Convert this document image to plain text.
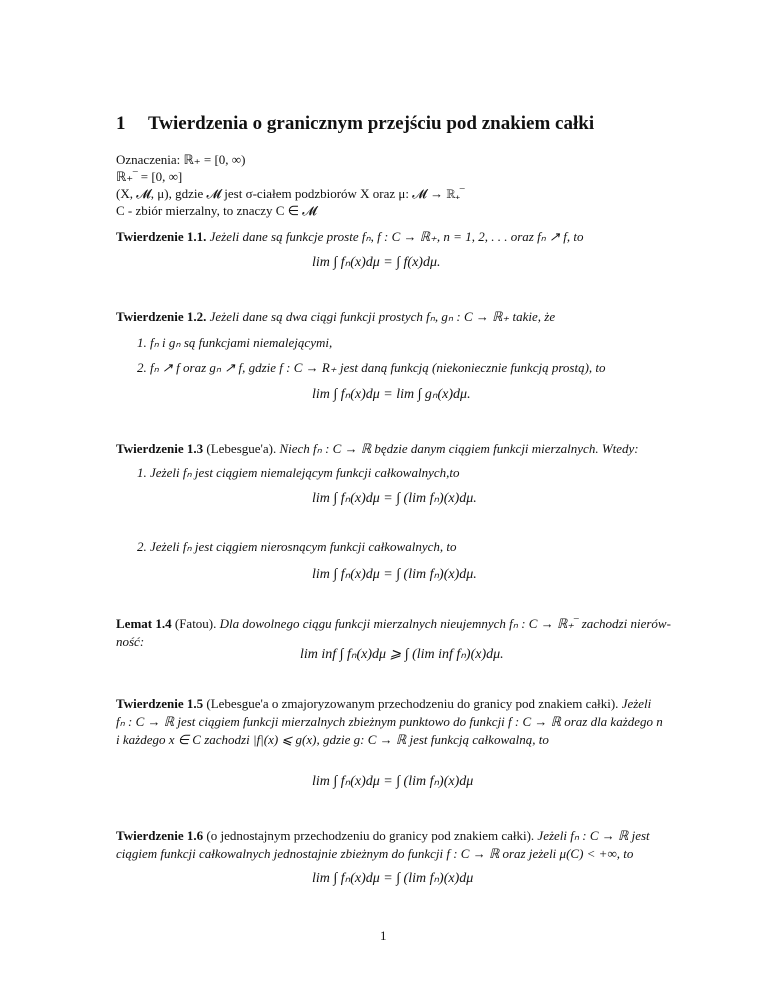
1 Twierdzenia o granicznym przejściu pod znakiem całki
Oznaczenia: ℝ₊ = [0, ∞)
ℝ₊‾ = [0, ∞]
(X, 𝓜, μ), gdzie 𝓜 jest σ-ciałem podzbiorów X oraz μ: 𝓜 → ℝ₊‾
C - zbiór mierzalny, to znaczy C ∈ 𝓜
Twierdzenie 1.1. Jeżeli dane są funkcje proste fₙ, f : C → ℝ₊, n = 1, 2, . . . oraz fₙ ↗ f, to
lim ∫ fₙ(x)dμ = ∫ f(x)dμ.
Twierdzenie 1.2. Jeżeli dane są dwa ciągi funkcji prostych fₙ, gₙ : C → ℝ₊ takie, że
1. fₙ i gₙ są funkcjami niemalejącymi,
2. fₙ ↗ f oraz gₙ ↗ f, gdzie f : C → R₊ jest daną funkcją (niekoniecznie funkcją prostą), to
lim ∫ fₙ(x)dμ = lim ∫ gₙ(x)dμ.
Twierdzenie 1.3 (Lebesgue'a). Niech fₙ : C → ℝ będzie danym ciągiem funkcji mierzalnych. Wtedy:
1. Jeżeli fₙ jest ciągiem niemalejącym funkcji całkowalnych,to
lim ∫ fₙ(x)dμ = ∫ (lim fₙ)(x)dμ.
2. Jeżeli fₙ jest ciągiem nierosnącym funkcji całkowalnych, to
lim ∫ fₙ(x)dμ = ∫ (lim fₙ)(x)dμ.
Lemat 1.4 (Fatou). Dla dowolnego ciągu funkcji mierzalnych nieujemnych fₙ : C → ℝ₊‾ zachodzi nierów-
ność:
lim inf ∫ fₙ(x)dμ ⩾ ∫ (lim inf fₙ)(x)dμ.
Twierdzenie 1.5 (Lebesgue'a o zmajoryzowanym przechodzeniu do granicy pod znakiem całki). Jeżeli
fₙ : C → ℝ jest ciągiem funkcji mierzalnych zbieżnym punktowo do funkcji f : C → ℝ oraz dla każdego n
i każdego x ∈ C zachodzi |f|(x) ⩽ g(x), gdzie g: C → ℝ jest funkcją całkowalną, to
lim ∫ fₙ(x)dμ = ∫ (lim fₙ)(x)dμ
Twierdzenie 1.6 (o jednostajnym przechodzeniu do granicy pod znakiem całki). Jeżeli fₙ : C → ℝ jest
ciągiem funkcji całkowalnych jednostajnie zbieżnym do funkcji f : C → ℝ oraz jeżeli μ(C) < +∞, to
lim ∫ fₙ(x)dμ = ∫ (lim fₙ)(x)dμ
1
